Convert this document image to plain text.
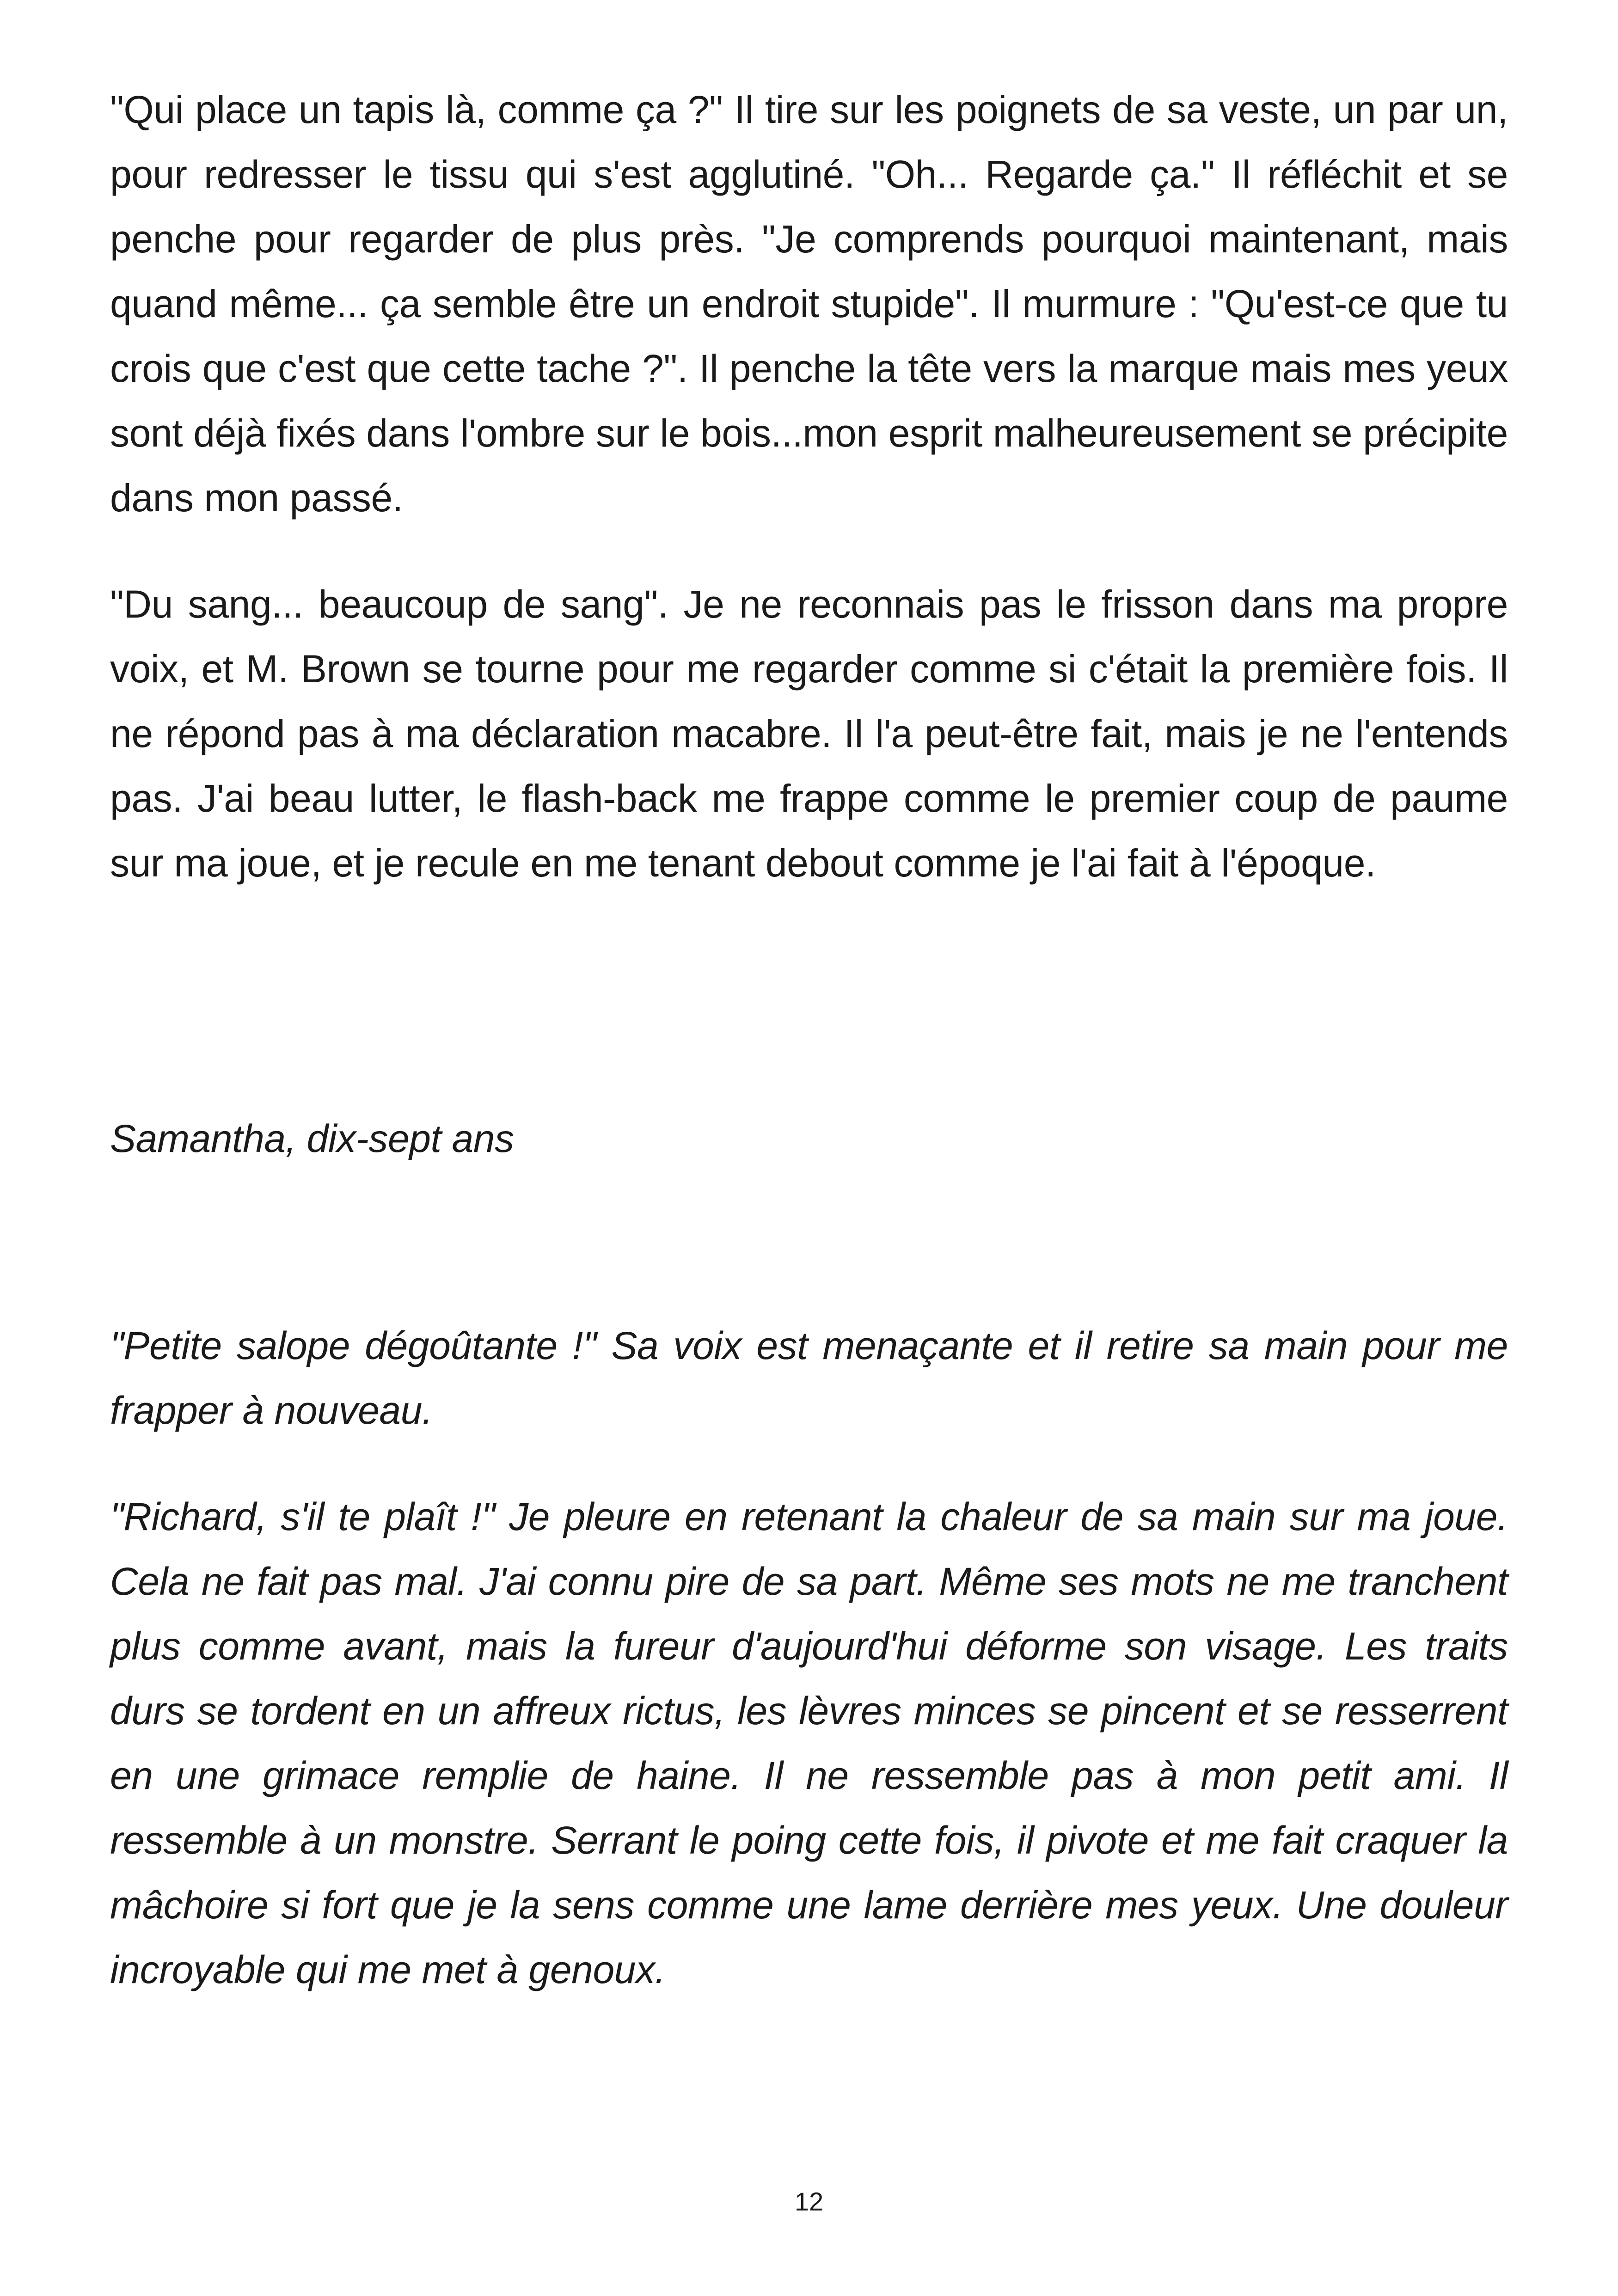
"Qui place un tapis là, comme ça ?" Il tire sur les poignets de sa veste, un par un, pour redresser le tissu qui s'est agglutiné. "Oh... Regarde ça." Il réfléchit et se penche pour regarder de plus près. "Je comprends pourquoi maintenant, mais quand même... ça semble être un endroit stupide". Il murmure : "Qu'est-ce que tu crois que c'est que cette tache ?". Il penche la tête vers la marque mais mes yeux sont déjà fixés dans l'ombre sur le bois...mon esprit malheureusement se précipite dans mon passé.

"Du sang... beaucoup de sang". Je ne reconnais pas le frisson dans ma propre voix, et M. Brown se tourne pour me regarder comme si c'était la première fois. Il ne répond pas à ma déclaration macabre. Il l'a peut-être fait, mais je ne l'entends pas. J'ai beau lutter, le flash-back me frappe comme le premier coup de paume sur ma joue, et je recule en me tenant debout comme je l'ai fait à l'époque.

Samantha, dix-sept ans

"Petite salope dégoûtante !" Sa voix est menaçante et il retire sa main pour me frapper à nouveau.

"Richard, s'il te plaît !" Je pleure en retenant la chaleur de sa main sur ma joue. Cela ne fait pas mal. J'ai connu pire de sa part. Même ses mots ne me tranchent plus comme avant, mais la fureur d'aujourd'hui déforme son visage. Les traits durs se tordent en un affreux rictus, les lèvres minces se pincent et se resserrent en une grimace remplie de haine. Il ne ressemble pas à mon petit ami. Il ressemble à un monstre. Serrant le poing cette fois, il pivote et me fait craquer la mâchoire si fort que je la sens comme une lame derrière mes yeux. Une douleur incroyable qui me met à genoux.

12
